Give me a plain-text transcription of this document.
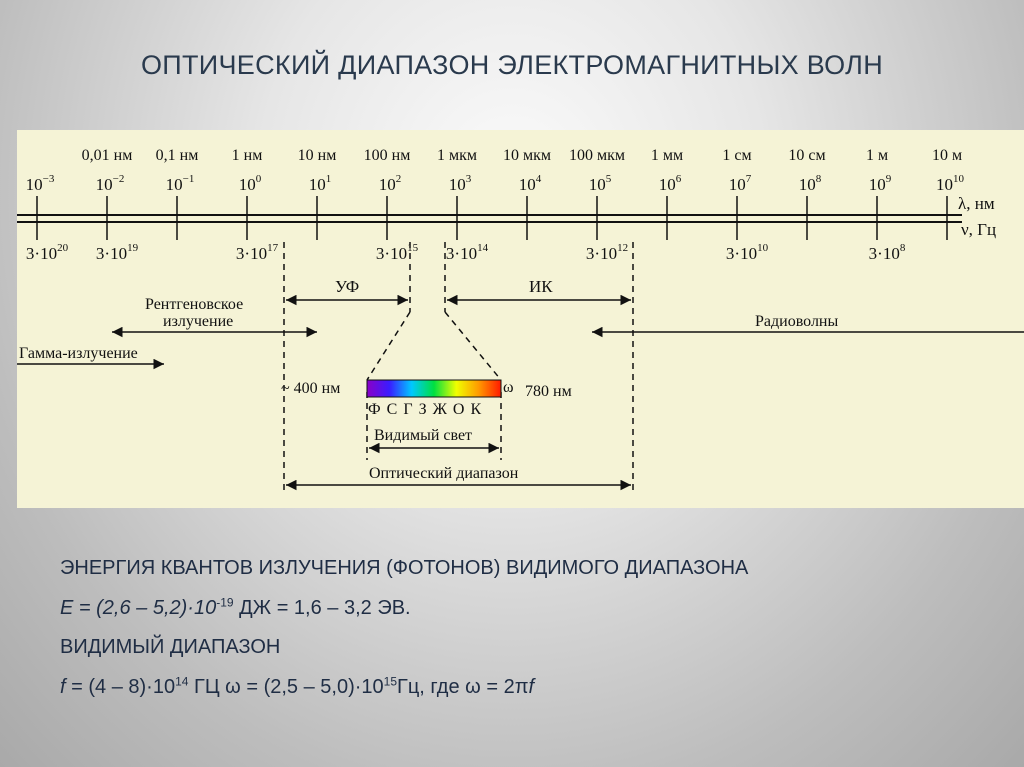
ОПТИЧЕСКИЙ ДИАПАЗОН ЭЛЕКТРОМАГНИТНЫХ ВОЛН
λ, нм
ν, Гц
0,01 нм 0,1 нм 1 нм 10 нм 100 нм 1 мкм 10 мкм 100 мкм 1 мм 1 см 10 см	1 м	10 м
$10^{-3}$ $10^{-2}$ $10^{-1}$	$10^0$	$10^1$	$10^2$	$10^3$	$10^4$	$10^5$	$10^6$	$10^7$	$10^8$	$10^9$	$10^{10}$
$3\cdot 10^{20}$ $3\cdot 10^{19}$	$3\cdot 10^{17}$	$3\cdot 10^{15}$ $3\cdot 10^{14}$	$3\cdot 10^{12}$	$3\cdot 10^{10}$	$3\cdot 10^8$
УФ	ИК
Рентгеновское
излучение
Гамма-излучение
Радиоволны
~ 400 нм	ω 780 нм
Ф С Г З Ж О К
Видимый свет
Оптический диапазон
ЭНЕРГИЯ КВАНТОВ ИЗЛУЧЕНИЯ (ФОТОНОВ) ВИДИМОГО ДИАПАЗОНА
$E = (2,6 - 5,2)\cdot 10^{-19}$ ДЖ = 1,6 – 3,2 ЭВ.
ВИДИМЫЙ ДИАПАЗОН
$f = (4 - 8)\cdot 10^{14}$ ГЦ $\omega = (2,5 - 5,0)\cdot 10^{15}Гц$, где ω = 2πf
